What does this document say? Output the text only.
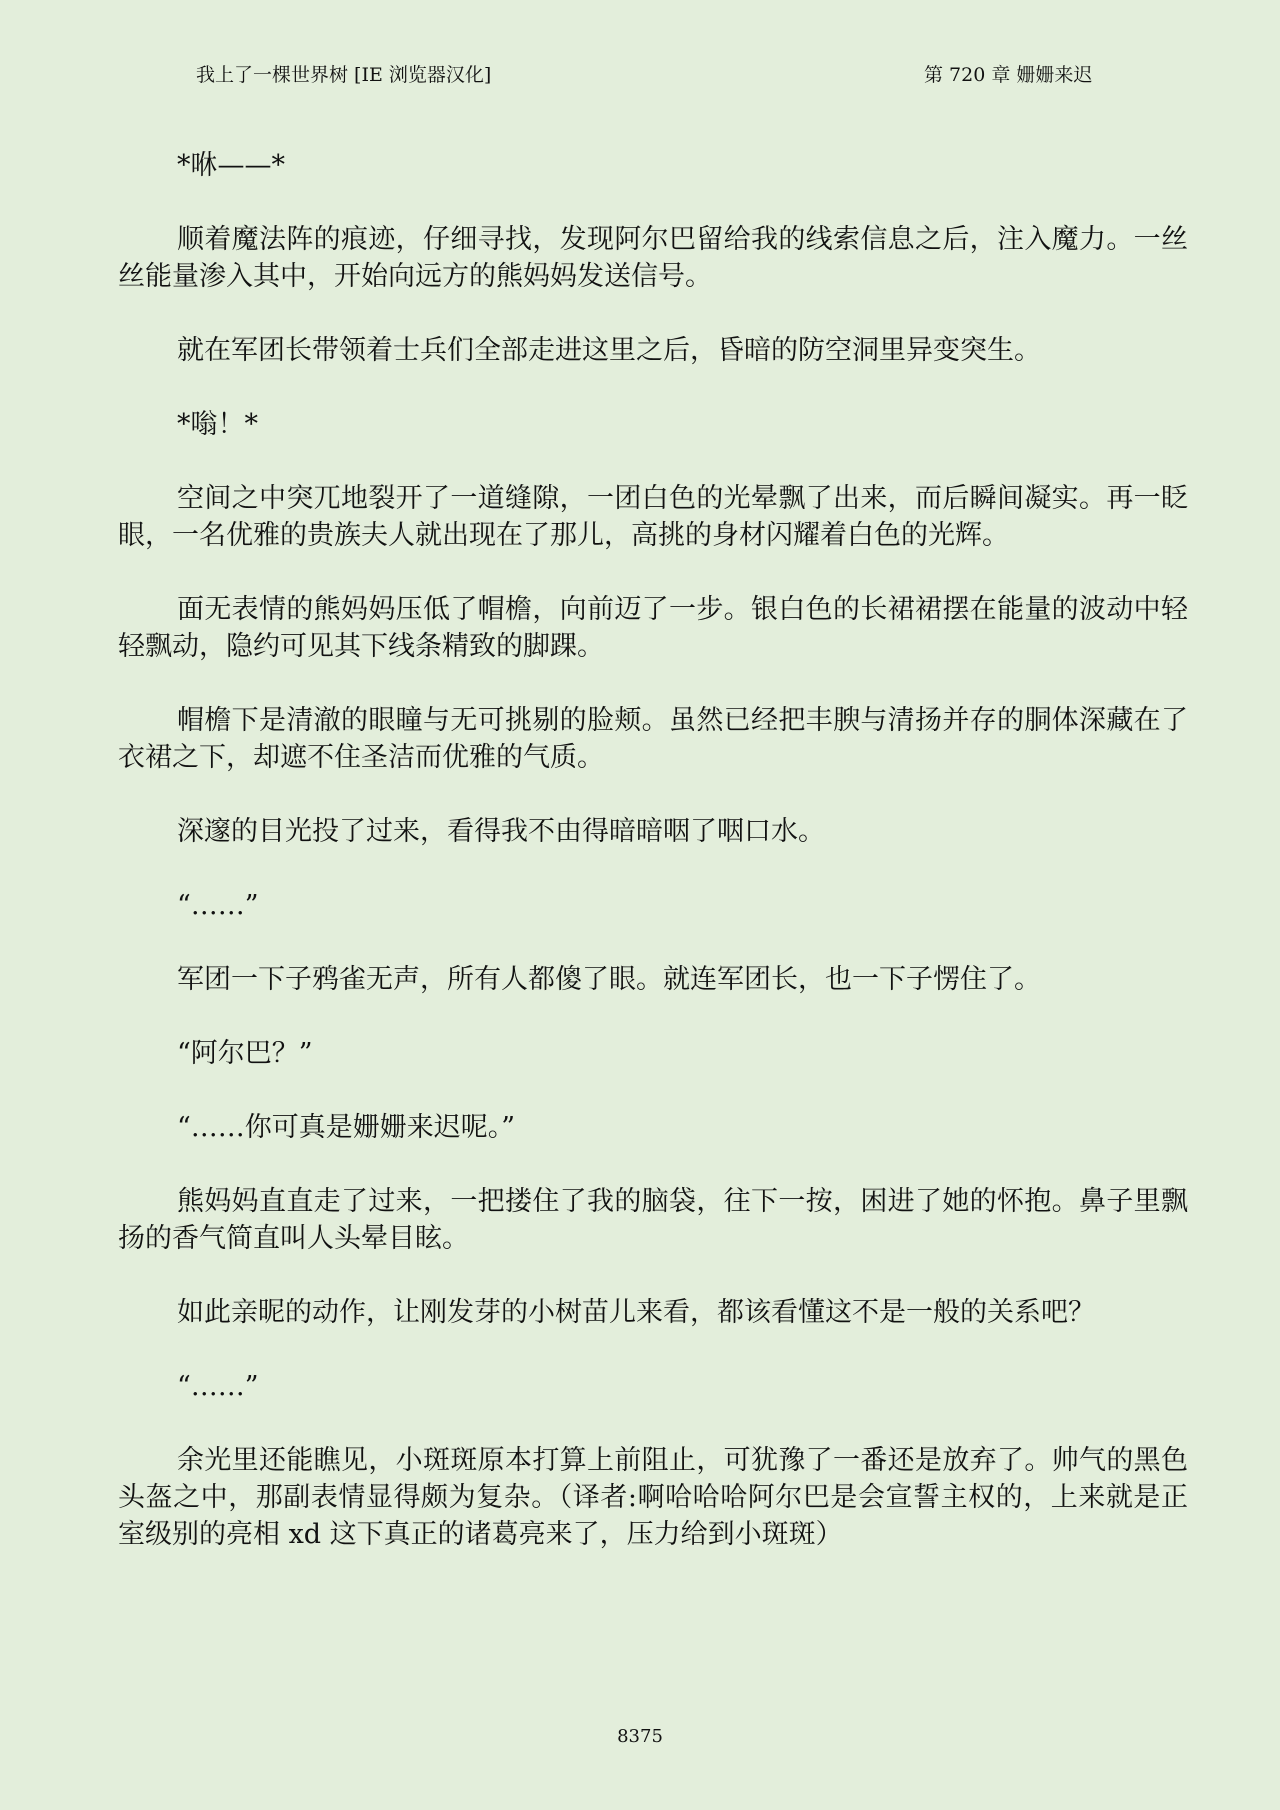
我上了一棵世界树 [IE 浏览器汉化]	第 720 章 姗姗来迟

*咻——*

顺着魔法阵的痕迹，仔细寻找，发现阿尔巴留给我的线索信息之后，注入魔力。一丝丝能量渗入其中，开始向远方的熊妈妈发送信号。

就在军团长带领着士兵们全部走进这里之后，昏暗的防空洞里异变突生。

*嗡！*

空间之中突兀地裂开了一道缝隙，一团白色的光晕飘了出来，而后瞬间凝实。再一眨眼，一名优雅的贵族夫人就出现在了那儿，高挑的身材闪耀着白色的光辉。

面无表情的熊妈妈压低了帽檐，向前迈了一步。银白色的长裙裙摆在能量的波动中轻轻飘动，隐约可见其下线条精致的脚踝。

帽檐下是清澈的眼瞳与无可挑剔的脸颊。虽然已经把丰腴与清扬并存的胴体深藏在了衣裙之下，却遮不住圣洁而优雅的气质。

深邃的目光投了过来，看得我不由得暗暗咽了咽口水。

“……”

军团一下子鸦雀无声，所有人都傻了眼。就连军团长，也一下子愣住了。

“阿尔巴？”

“……你可真是姗姗来迟呢。”

熊妈妈直直走了过来，一把搂住了我的脑袋，往下一按，困进了她的怀抱。鼻子里飘扬的香气简直叫人头晕目眩。

如此亲昵的动作，让刚发芽的小树苗儿来看，都该看懂这不是一般的关系吧？

“……”

余光里还能瞧见，小斑斑原本打算上前阻止，可犹豫了一番还是放弃了。帅气的黑色头盔之中，那副表情显得颇为复杂。（译者:啊哈哈哈阿尔巴是会宣誓主权的，上来就是正室级别的亮相 xd 这下真正的诸葛亮来了，压力给到小斑斑）

8375
